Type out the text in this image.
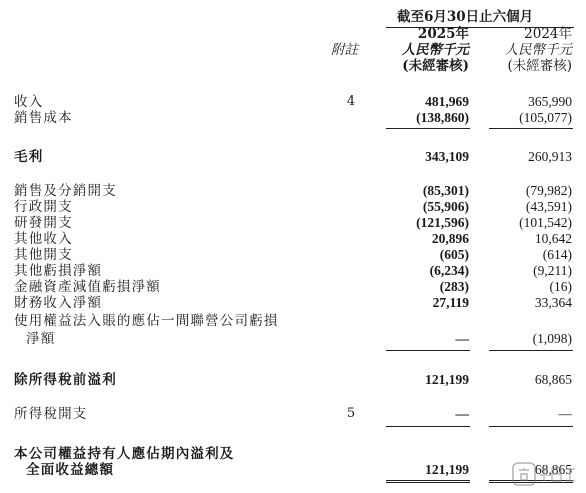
截至6月30日止六個月
2025年
人民幣千元
(未經審核)
2024年
人民幣千元
(未經審核)
附註
收入	4	481,969	365,990
銷售成本	(138,860)	(105,077)
毛利	343,109	260,913
銷售及分銷開支	(85,301)	(79,982)
行政開支	(55,906)	(43,591)
研發開支	(121,596)	(101,542)
其他收入	20,896	10,642
其他開支	(605)	(614)
其他虧損淨額	(6,234)	(9,211)
金融資產減值虧損淨額	(283)	(16)
財務收入淨額	27,119	33,364
使用權益法入賬的應佔一間聯營公司虧損
淨額	—	(1,098)
除所得稅前溢利	121,199	68,865
所得稅開支	5	—	—
本公司權益持有人應佔期內溢利及
全面收益總額	121,199	68,865
